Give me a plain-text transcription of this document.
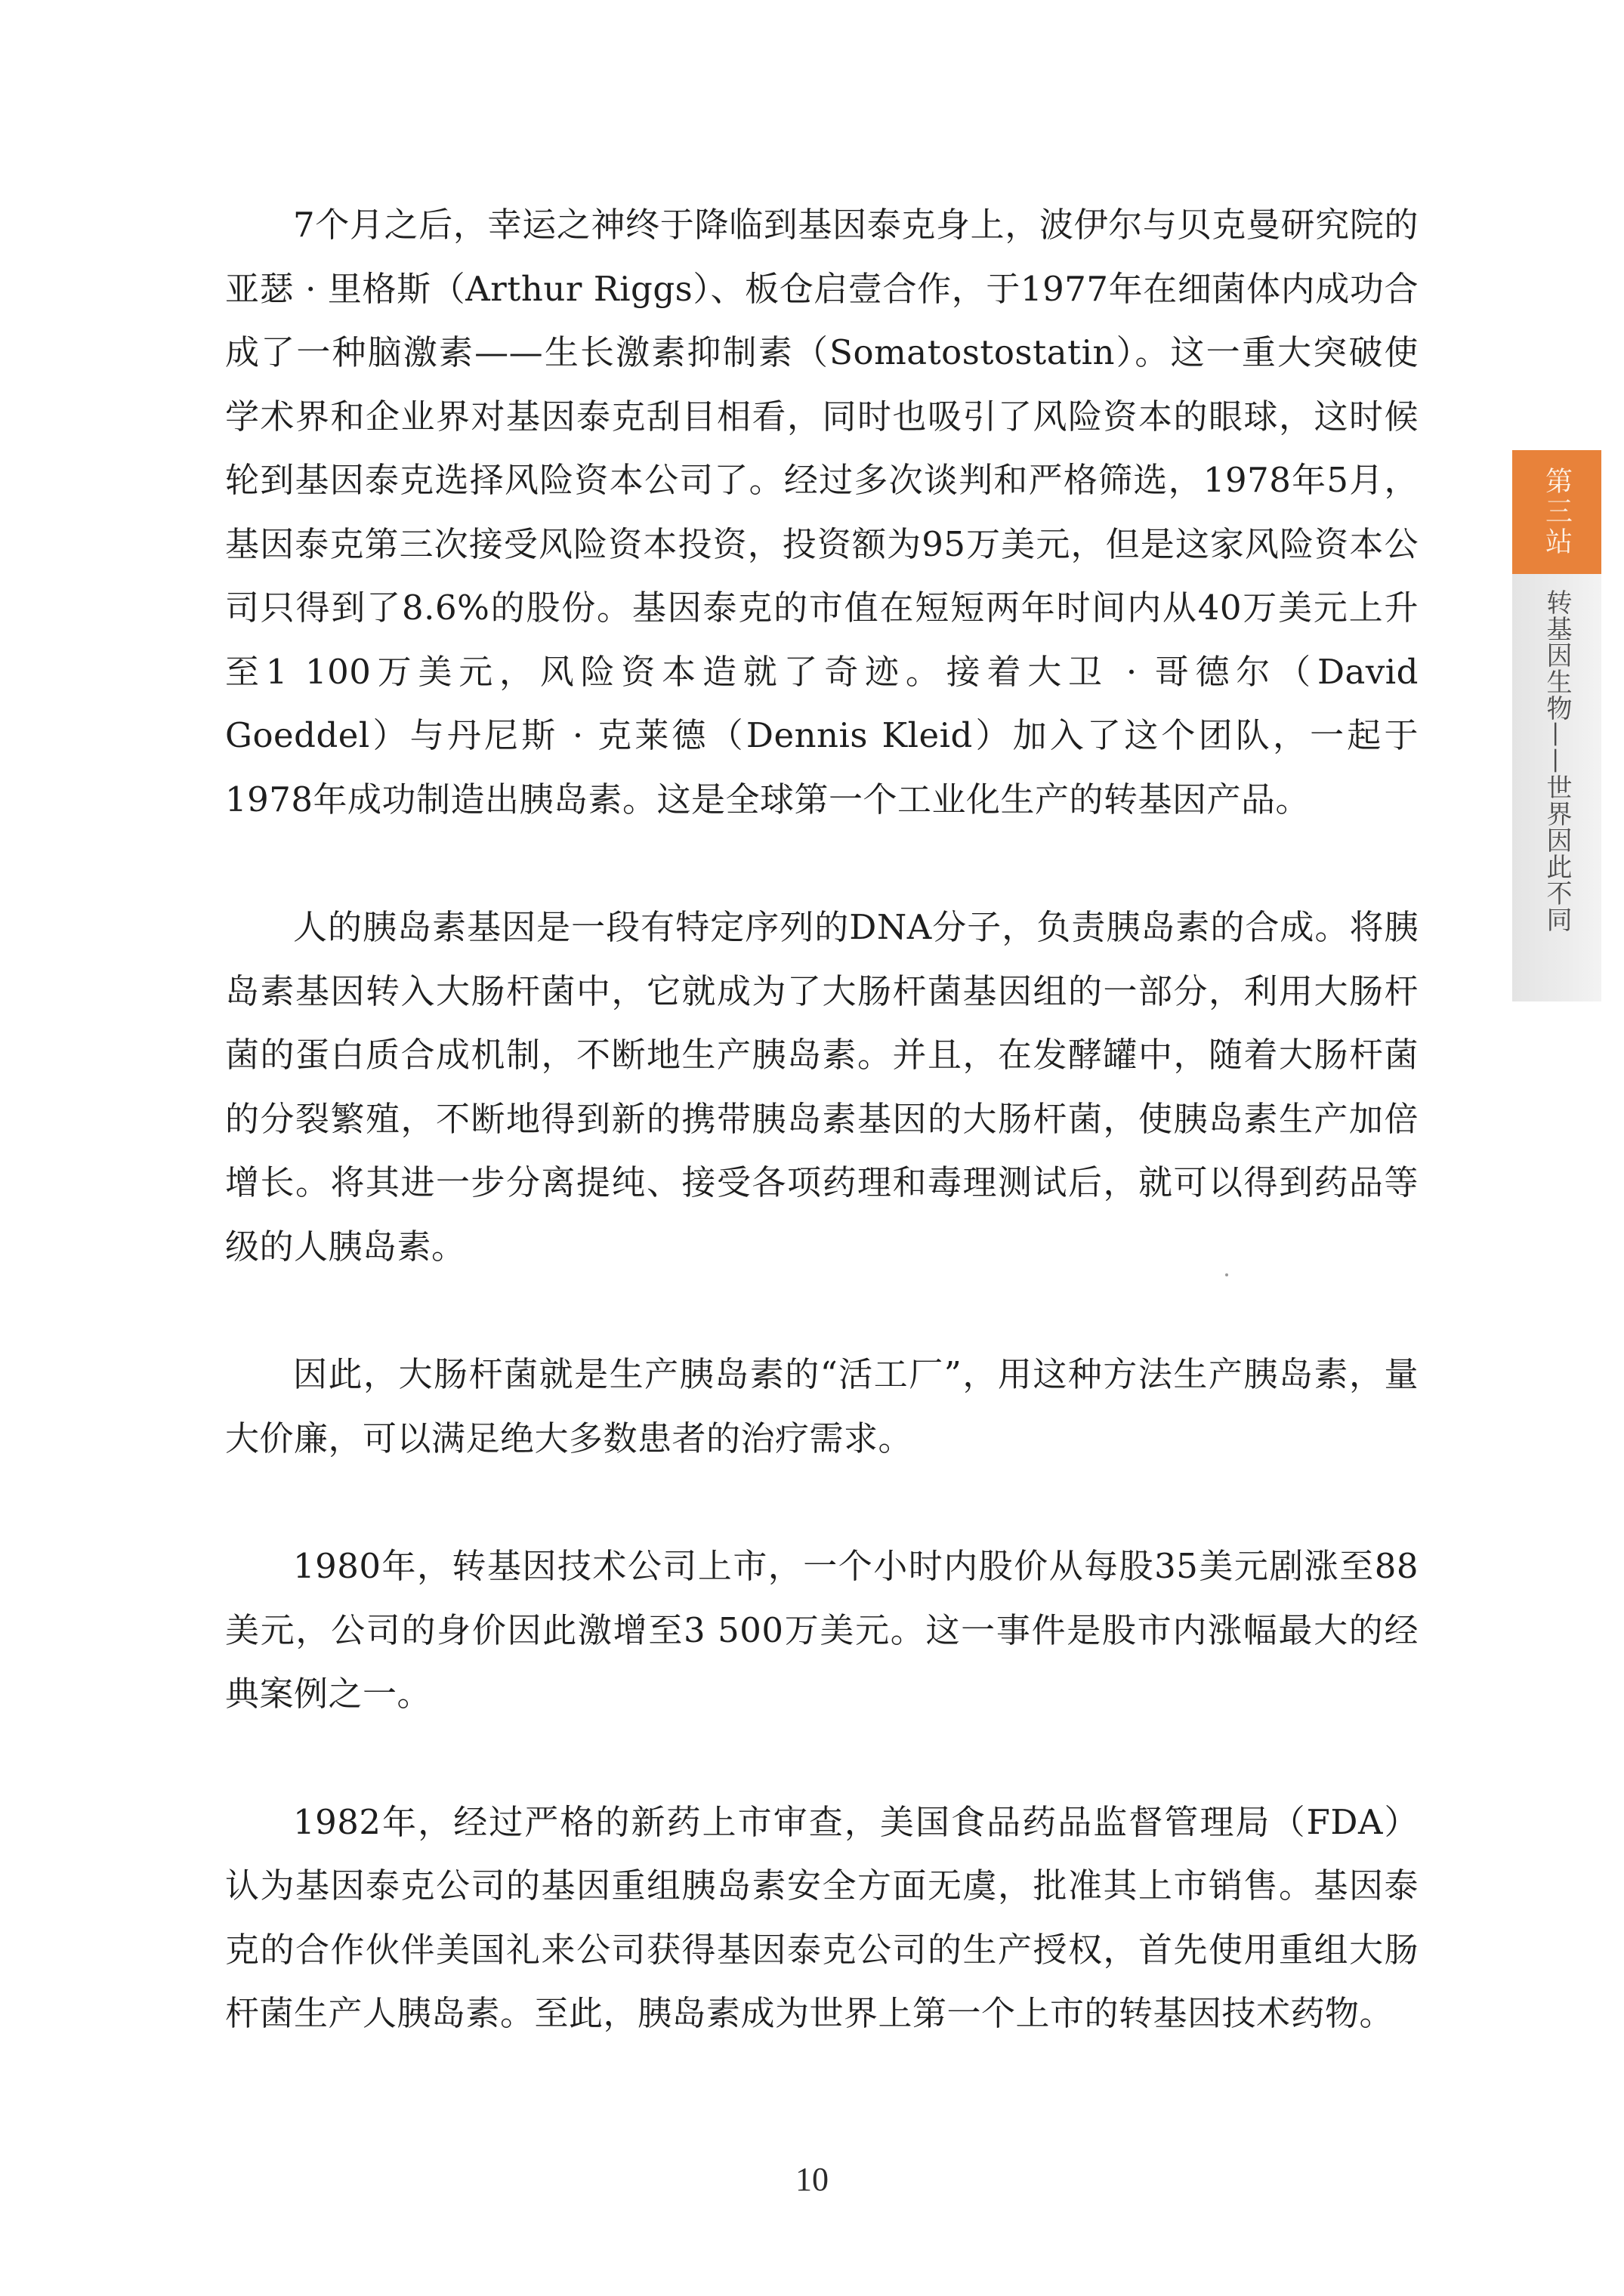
7个月之后，幸运之神终于降临到基因泰克身上，波伊尔与贝克曼研究院的亚瑟 · 里格斯（Arthur Riggs）、板仓启壹合作，于1977年在细菌体内成功合成了一种脑激素——生长激素抑制素（Somatostostatin）。这一重大突破使学术界和企业界对基因泰克刮目相看，同时也吸引了风险资本的眼球，这时候轮到基因泰克选择风险资本公司了。经过多次谈判和严格筛选，1978年5月，基因泰克第三次接受风险资本投资，投资额为95万美元，但是这家风险资本公司只得到了8.6%的股份。基因泰克的市值在短短两年时间内从40万美元上升至1 100万美元，风险资本造就了奇迹。接着大卫 · 哥德尔（David Goeddel）与丹尼斯 · 克莱德（Dennis Kleid）加入了这个团队，一起于1978年成功制造出胰岛素。这是全球第一个工业化生产的转基因产品。

人的胰岛素基因是一段有特定序列的DNA分子，负责胰岛素的合成。将胰岛素基因转入大肠杆菌中，它就成为了大肠杆菌基因组的一部分，利用大肠杆菌的蛋白质合成机制，不断地生产胰岛素。并且，在发酵罐中，随着大肠杆菌的分裂繁殖，不断地得到新的携带胰岛素基因的大肠杆菌，使胰岛素生产加倍增长。将其进一步分离提纯、接受各项药理和毒理测试后，就可以得到药品等级的人胰岛素。

因此，大肠杆菌就是生产胰岛素的“活工厂”，用这种方法生产胰岛素，量大价廉，可以满足绝大多数患者的治疗需求。

1980年，转基因技术公司上市，一个小时内股价从每股35美元剧涨至88美元，公司的身价因此激增至3 500万美元。这一事件是股市内涨幅最大的经典案例之一。

1982年，经过严格的新药上市审查，美国食品药品监督管理局（FDA）认为基因泰克公司的基因重组胰岛素安全方面无虞，批准其上市销售。基因泰克的合作伙伴美国礼来公司获得基因泰克公司的生产授权，首先使用重组大肠杆菌生产人胰岛素。至此，胰岛素成为世界上第一个上市的转基因技术药物。

第三站
转基因生物——世界因此不同
10
